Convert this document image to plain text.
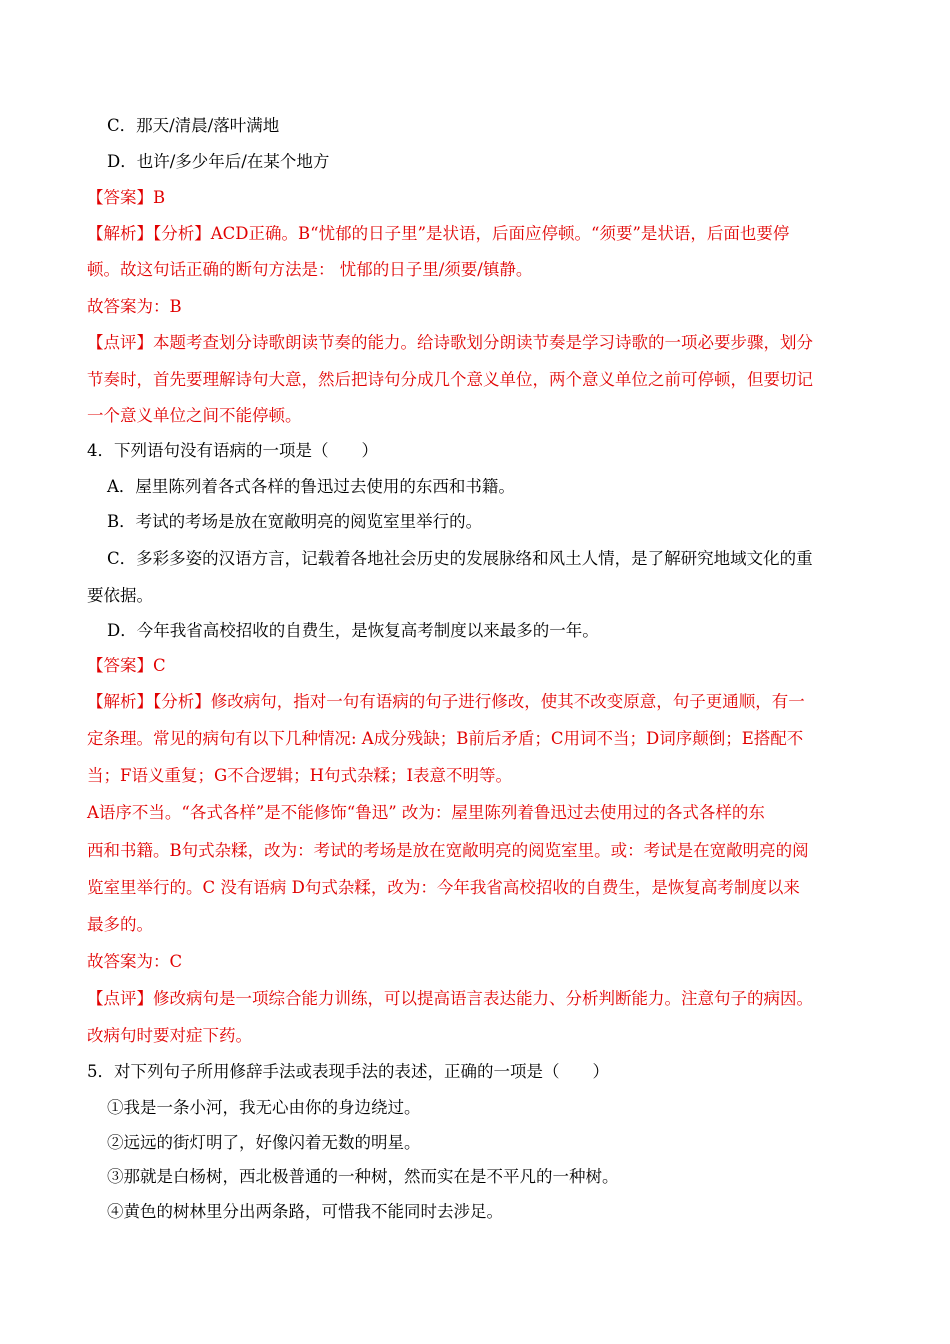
C．那天/清晨/落叶满地
D．也许/多少年后/在某个地方
【答案】B
【解析】【分析】ACD正确。B“忧郁的日子里”是状语，后面应停顿。“须要”是状语，后面也要停
顿。故这句话正确的断句方法是： 忧郁的日子里/须要/镇静。
故答案为：B
【点评】本题考查划分诗歌朗读节奏的能力。给诗歌划分朗读节奏是学习诗歌的一项必要步骤，划分
节奏时，首先要理解诗句大意，然后把诗句分成几个意义单位，两个意义单位之前可停顿，但要切记
一个意义单位之间不能停顿。
4．下列语句没有语病的一项是（　　）
A．屋里陈列着各式各样的鲁迅过去使用的东西和书籍。
B．考试的考场是放在宽敞明亮的阅览室里举行的。
C．多彩多姿的汉语方言，记载着各地社会历史的发展脉络和风土人情，是了解研究地域文化的重
要依据。
D．今年我省高校招收的自费生，是恢复高考制度以来最多的一年。
【答案】C
【解析】【分析】修改病句，指对一句有语病的句子进行修改，使其不改变原意，句子更通顺，有一
定条理。常见的病句有以下几种情况: A成分残缺；B前后矛盾；C用词不当；D词序颠倒；E搭配不
当；F语义重复；G不合逻辑；H句式杂糅；I表意不明等。
A语序不当。“各式各样”是不能修饰“鲁迅” 改为：屋里陈列着鲁迅过去使用过的各式各样的东
西和书籍。B句式杂糅，改为：考试的考场是放在宽敞明亮的阅览室里。或：考试是在宽敞明亮的阅
览室里举行的。C 没有语病 D句式杂糅，改为：今年我省高校招收的自费生，是恢复高考制度以来
最多的。
故答案为：C
【点评】修改病句是一项综合能力训练，可以提高语言表达能力、分析判断能力。注意句子的病因。
改病句时要对症下药。
5．对下列句子所用修辞手法或表现手法的表述，正确的一项是（　　）
①我是一条小河，我无心由你的身边绕过。
②远远的街灯明了，好像闪着无数的明星。
③那就是白杨树，西北极普通的一种树，然而实在是不平凡的一种树。
④黄色的树林里分出两条路，可惜我不能同时去涉足。
